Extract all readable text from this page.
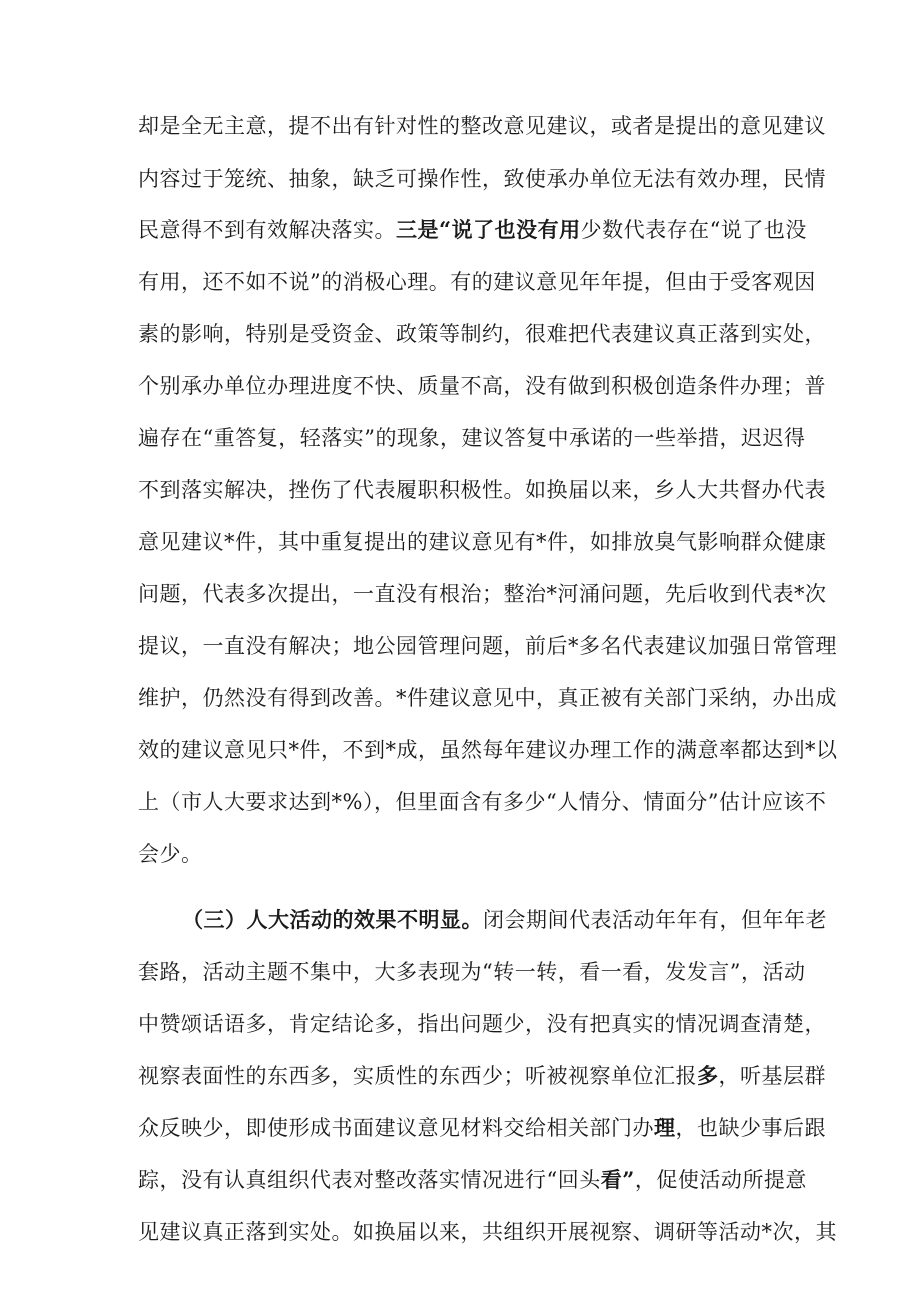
却是全无主意，提不出有针对性的整改意见建议，或者是提出的意见建议
内容过于笼统、抽象，缺乏可操作性，致使承办单位无法有效办理，民情
民意得不到有效解决落实。三是“说了也没有用少数代表存在“说了也没
有用，还不如不说”的消极心理。有的建议意见年年提，但由于受客观因
素的影响，特别是受资金、政策等制约，很难把代表建议真正落到实处，
个别承办单位办理进度不快、质量不高，没有做到积极创造条件办理；普
遍存在“重答复，轻落实”的现象，建议答复中承诺的一些举措，迟迟得
不到落实解决，挫伤了代表履职积极性。如换届以来，乡人大共督办代表
意见建议*件，其中重复提出的建议意见有*件，如排放臭气影响群众健康
问题，代表多次提出，一直没有根治；整治*河涌问题，先后收到代表*次
提议，一直没有解决；地公园管理问题，前后*多名代表建议加强日常管理
维护，仍然没有得到改善。*件建议意见中，真正被有关部门采纳，办出成
效的建议意见只*件，不到*成，虽然每年建议办理工作的满意率都达到*以
上（市人大要求达到*%），但里面含有多少“人情分、情面分”估计应该不
会少。
（三）人大活动的效果不明显。闭会期间代表活动年年有，但年年老
套路，活动主题不集中，大多表现为“转一转，看一看，发发言”，活动
中赞颂话语多，肯定结论多，指出问题少，没有把真实的情况调查清楚，
视察表面性的东西多，实质性的东西少；听被视察单位汇报多，听基层群
众反映少，即使形成书面建议意见材料交给相关部门办理，也缺少事后跟
踪，没有认真组织代表对整改落实情况进行“回头看”，促使活动所提意
见建议真正落到实处。如换届以来，共组织开展视察、调研等活动*次，其
